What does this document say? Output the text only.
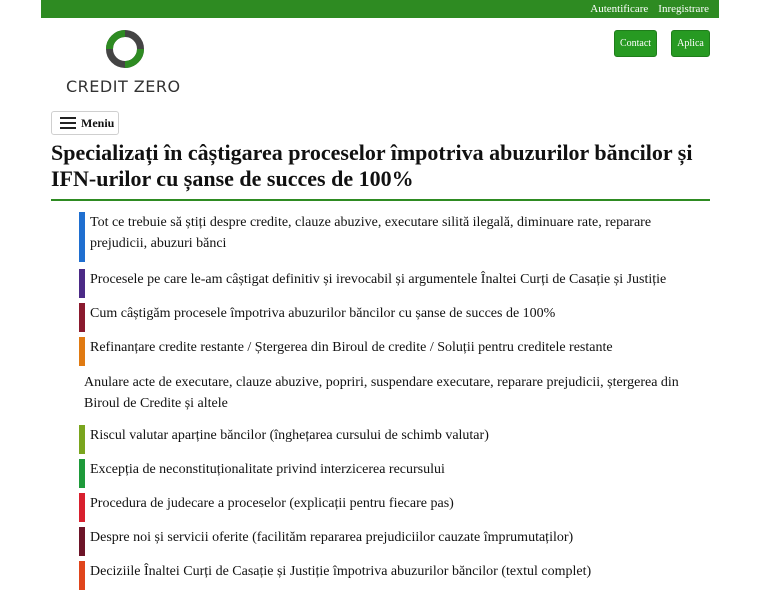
Autentificare Inregistrare
CREDIT ZERO
Contact	Aplica
Meniu
Specializați în câștigarea proceselor împotriva abuzurilor băncilor și IFN-urilor cu șanse de succes de 100%
Tot ce trebuie să știți despre credite, clauze abuzive, executare silită ilegală, diminuare rate, reparare prejudicii, abuzuri bănci
Procesele pe care le-am câștigat definitiv și irevocabil și argumentele Înaltei Curți de Casație și Justiție
Cum câștigăm procesele împotriva abuzurilor băncilor cu șanse de succes de 100%
Refinanțare credite restante / Ștergerea din Biroul de credite / Soluții pentru creditele restante
Anulare acte de executare, clauze abuzive, popriri, suspendare executare, reparare prejudicii, ștergerea din Biroul de Credite și altele
Riscul valutar aparține băncilor (înghețarea cursului de schimb valutar)
Excepția de neconstituționalitate privind interzicerea recursului
Procedura de judecare a proceselor (explicații pentru fiecare pas)
Despre noi și servicii oferite (facilităm repararea prejudiciilor cauzate împrumutaților)
Deciziile Înaltei Curți de Casație și Justiție împotriva abuzurilor băncilor (textul complet)
